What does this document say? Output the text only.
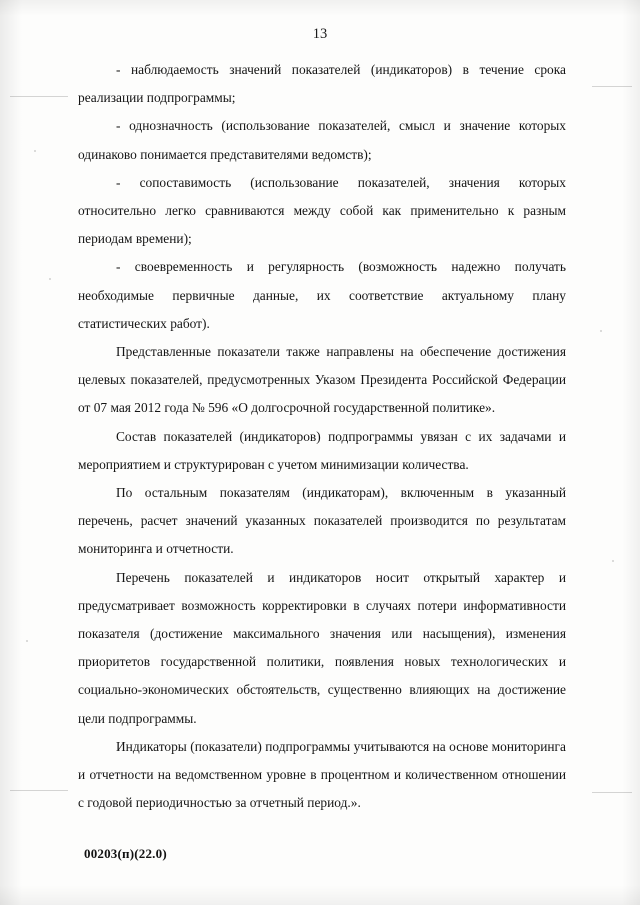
13

- наблюдаемость значений показателей (индикаторов) в течение срока реализации подпрограммы;

- однозначность (использование показателей, смысл и значение которых одинаково понимается представителями ведомств);

- сопоставимость (использование показателей, значения которых относительно легко сравниваются между собой как применительно к разным периодам времени);

- своевременность и регулярность (возможность надежно получать необходимые первичные данные, их соответствие актуальному плану статистических работ).

Представленные показатели также направлены на обеспечение достижения целевых показателей, предусмотренных Указом Президента Российской Федерации от 07 мая 2012 года № 596 «О долгосрочной государственной политике».

Состав показателей (индикаторов) подпрограммы увязан с их задачами и мероприятием и структурирован с учетом минимизации количества.

По остальным показателям (индикаторам), включенным в указанный перечень, расчет значений указанных показателей производится по результатам мониторинга и отчетности.

Перечень показателей и индикаторов носит открытый характер и предусматривает возможность корректировки в случаях потери информативности показателя (достижение максимального значения или насыщения), изменения приоритетов государственной политики, появления новых технологических и социально-экономических обстоятельств, существенно влияющих на достижение цели подпрограммы.

Индикаторы (показатели) подпрограммы учитываются на основе мониторинга и отчетности на ведомственном уровне в процентном и количественном отношении с годовой периодичностью за отчетный период.».

00203(п)(22.0)
